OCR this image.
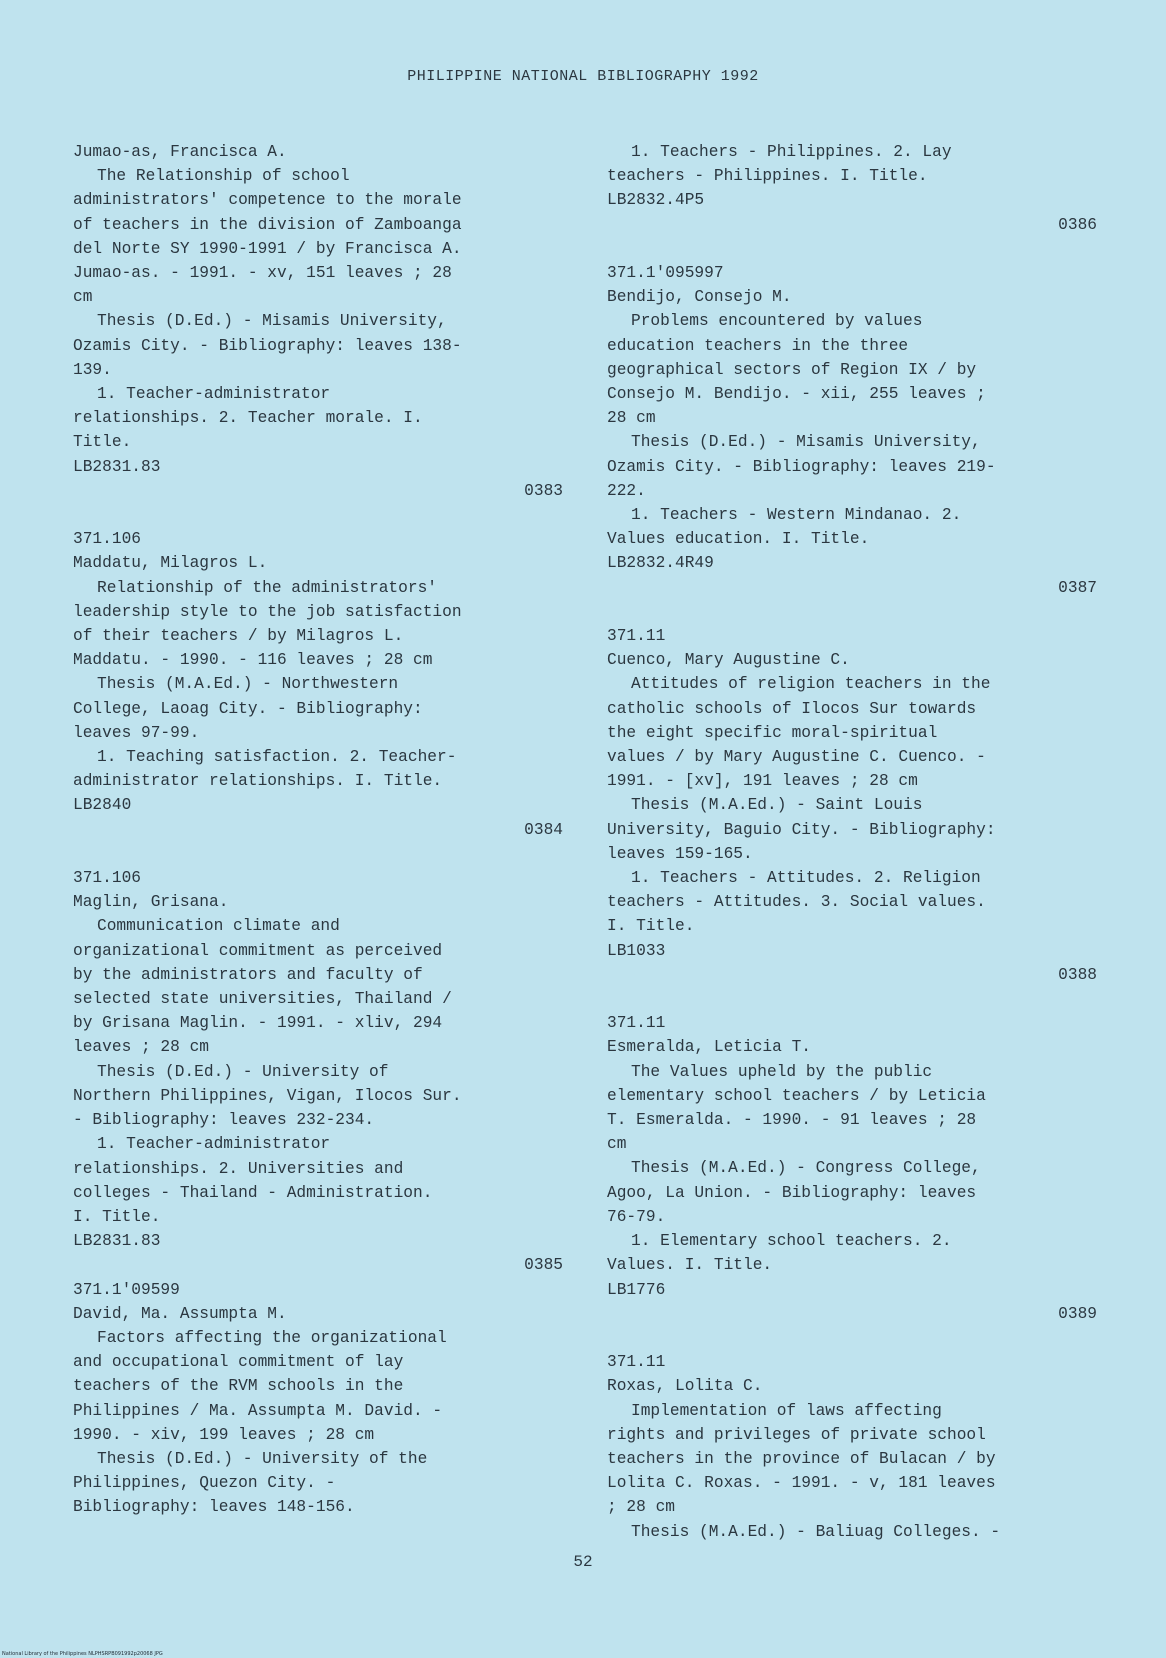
PHILIPPINE NATIONAL BIBLIOGRAPHY 1992

Jumao-as, Francisca A.

The Relationship of school

administrators' competence to the morale

of teachers in the division of Zamboanga

del Norte SY 1990-1991 / by Francisca A.

Jumao-as. - 1991. - xv, 151 leaves ; 28

cm

Thesis (D.Ed.) - Misamis University,

Ozamis City. - Bibliography: leaves 138-

139.

1. Teacher-administrator

relationships. 2. Teacher morale. I.

Title.

LB2831.83

0383

371.106

Maddatu, Milagros L.

Relationship of the administrators'

leadership style to the job satisfaction

of their teachers / by Milagros L.

Maddatu. - 1990. - 116 leaves ; 28 cm

Thesis (M.A.Ed.) - Northwestern

College, Laoag City. - Bibliography:

leaves 97-99.

1. Teaching satisfaction. 2. Teacher-

administrator relationships. I. Title.

LB2840

0384

371.106

Maglin, Grisana.

Communication climate and

organizational commitment as perceived

by the administrators and faculty of

selected state universities, Thailand /

by Grisana Maglin. - 1991. - xliv, 294

leaves ; 28 cm

Thesis (D.Ed.) - University of

Northern Philippines, Vigan, Ilocos Sur.

- Bibliography: leaves 232-234.

1. Teacher-administrator

relationships. 2. Universities and

colleges - Thailand - Administration.

I. Title.

LB2831.83

0385

371.1'09599

David, Ma. Assumpta M.

Factors affecting the organizational

and occupational commitment of lay

teachers of the RVM schools in the

Philippines / Ma. Assumpta M. David. -

1990. - xiv, 199 leaves ; 28 cm

Thesis (D.Ed.) - University of the

Philippines, Quezon City. -

Bibliography: leaves 148-156.

1. Teachers - Philippines. 2. Lay

teachers - Philippines. I. Title.

LB2832.4P5

0386

371.1'095997

Bendijo, Consejo M.

Problems encountered by values

education teachers in the three

geographical sectors of Region IX / by

Consejo M. Bendijo. - xii, 255 leaves ;

28 cm

Thesis (D.Ed.) - Misamis University,

Ozamis City. - Bibliography: leaves 219-

222.

1. Teachers - Western Mindanao. 2.

Values education. I. Title.

LB2832.4R49

0387

371.11

Cuenco, Mary Augustine C.

Attitudes of religion teachers in the

catholic schools of Ilocos Sur towards

the eight specific moral-spiritual

values / by Mary Augustine C. Cuenco. -

1991. - [xv], 191 leaves ; 28 cm

Thesis (M.A.Ed.) - Saint Louis

University, Baguio City. - Bibliography:

leaves 159-165.

1. Teachers - Attitudes. 2. Religion

teachers - Attitudes. 3. Social values.

I. Title.

LB1033

0388

371.11

Esmeralda, Leticia T.

The Values upheld by the public

elementary school teachers / by Leticia

T. Esmeralda. - 1990. - 91 leaves ; 28

cm

Thesis (M.A.Ed.) - Congress College,

Agoo, La Union. - Bibliography: leaves

76-79.

1. Elementary school teachers. 2.

Values. I. Title.

LB1776

0389

371.11

Roxas, Lolita C.

Implementation of laws affecting

rights and privileges of private school

teachers in the province of Bulacan / by

Lolita C. Roxas. - 1991. - v, 181 leaves

; 28 cm

Thesis (M.A.Ed.) - Baliuag Colleges. -

52
National Library of the Philippines NLPHSRPB091992p20068 JPG
